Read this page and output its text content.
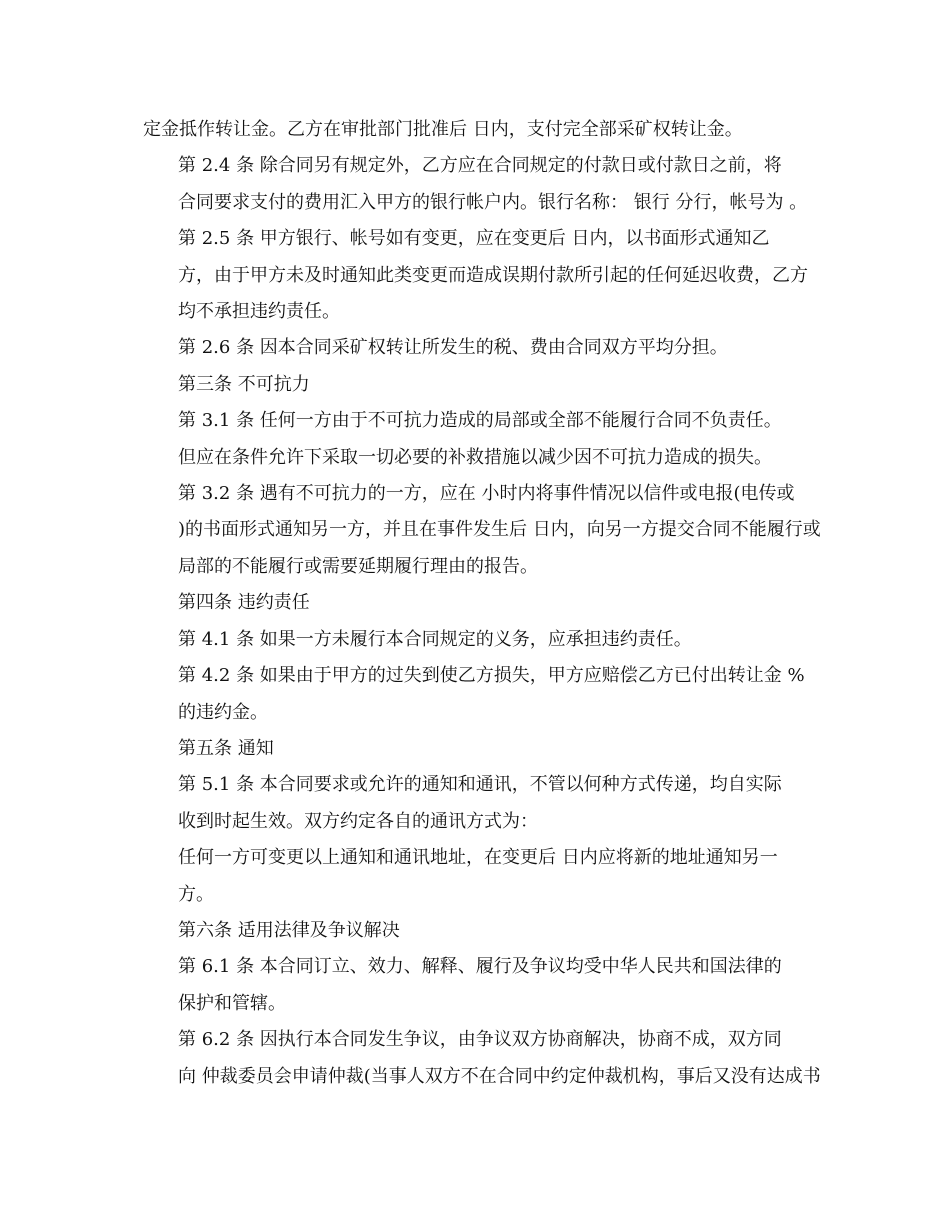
定金抵作转让金。乙方在审批部门批准后 日内，支付完全部采矿权转让金。
第 2.4 条 除合同另有规定外，乙方应在合同规定的付款日或付款日之前，将
合同要求支付的费用汇入甲方的银行帐户内。银行名称： 银行 分行，帐号为 。
第 2.5 条 甲方银行、帐号如有变更，应在变更后 日内，以书面形式通知乙
方，由于甲方未及时通知此类变更而造成误期付款所引起的任何延迟收费，乙方
均不承担违约责任。
第 2.6 条 因本合同采矿权转让所发生的税、费由合同双方平均分担。
第三条 不可抗力
第 3.1 条 任何一方由于不可抗力造成的局部或全部不能履行合同不负责任。
但应在条件允许下采取一切必要的补救措施以减少因不可抗力造成的损失。
第 3.2 条 遇有不可抗力的一方，应在 小时内将事件情况以信件或电报(电传或
)的书面形式通知另一方，并且在事件发生后 日内，向另一方提交合同不能履行或
局部的不能履行或需要延期履行理由的报告。
第四条 违约责任
第 4.1 条 如果一方未履行本合同规定的义务，应承担违约责任。
第 4.2 条 如果由于甲方的过失到使乙方损失，甲方应赔偿乙方已付出转让金 %
的违约金。
第五条 通知
第 5.1 条 本合同要求或允许的通知和通讯，不管以何种方式传递，均自实际
收到时起生效。双方约定各自的通讯方式为：
任何一方可变更以上通知和通讯地址，在变更后 日内应将新的地址通知另一
方。
第六条 适用法律及争议解决
第 6.1 条 本合同订立、效力、解释、履行及争议均受中华人民共和国法律的
保护和管辖。
第 6.2 条 因执行本合同发生争议，由争议双方协商解决，协商不成，双方同
向 仲裁委员会申请仲裁(当事人双方不在合同中约定仲裁机构，事后又没有达成书
